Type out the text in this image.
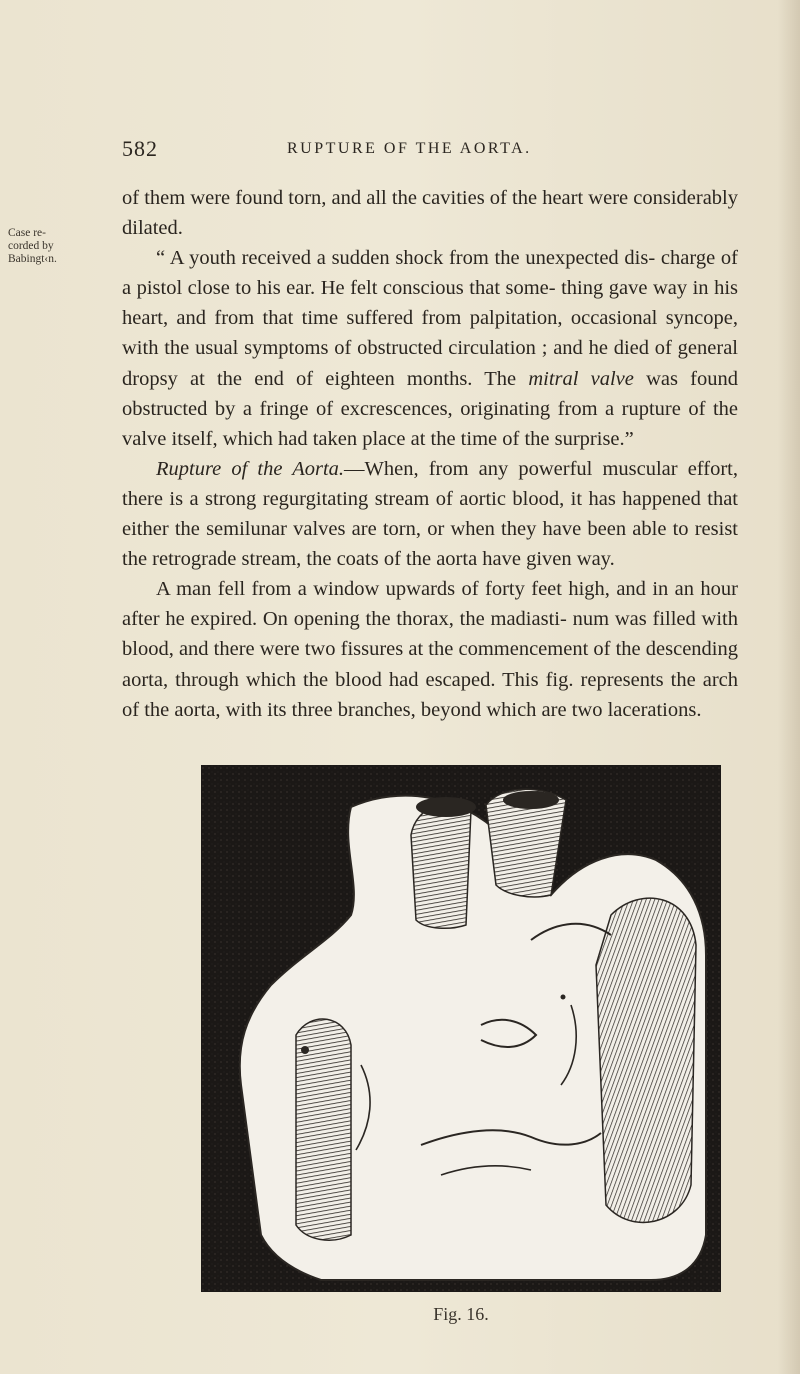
582	RUPTURE OF THE AORTA.
Case re-
corded by
Babingt‹n.

of them were found torn, and all the cavities of the heart were considerably dilated.

“ A youth received a sudden shock from the unexpected dis- charge of a pistol close to his ear. He felt conscious that some- thing gave way in his heart, and from that time suffered from palpitation, occasional syncope, with the usual symptoms of obstructed circulation ; and he died of general dropsy at the end of eighteen months. The mitral valve was found obstructed by a fringe of excrescences, originating from a rupture of the valve itself, which had taken place at the time of the surprise.”

Rupture of the Aorta.—When, from any powerful muscular effort, there is a strong regurgitating stream of aortic blood, it has happened that either the semilunar valves are torn, or when they have been able to resist the retrograde stream, the coats of the aorta have given way.

A man fell from a window upwards of forty feet high, and in an hour after he expired. On opening the thorax, the madiasti- num was filled with blood, and there were two fissures at the commencement of the descending aorta, through which the blood had escaped. This fig. represents the arch of the aorta, with its three branches, beyond which are two lacerations.

Fig. 16.
